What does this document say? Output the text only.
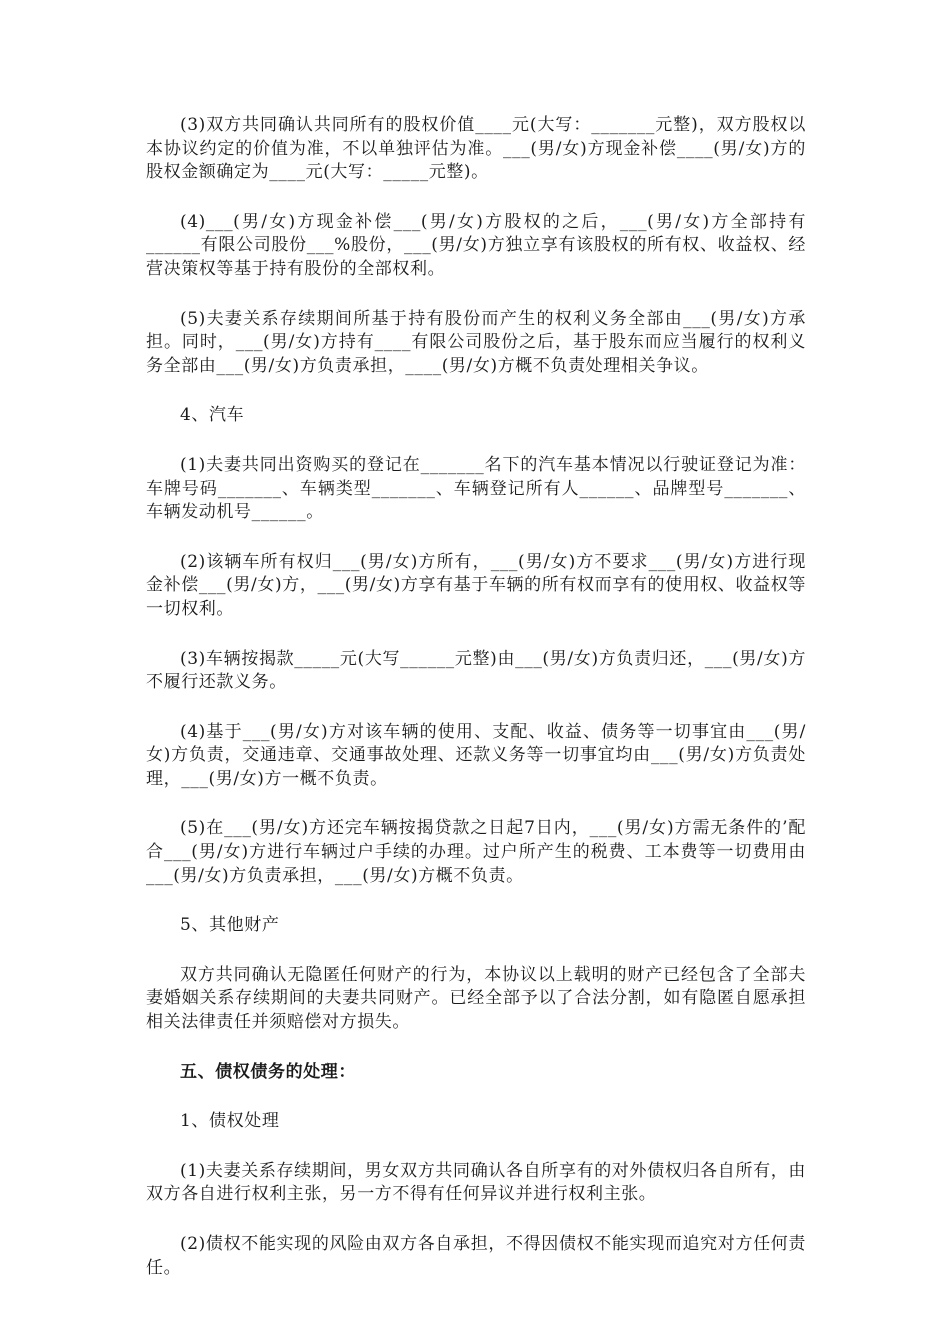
(3)双方共同确认共同所有的股权价值____元(大写：_______元整)，双方股权以本协议约定的价值为准，不以单独评估为准。___(男/女)方现金补偿____(男/女)方的股权金额确定为____元(大写：_____元整)。

(4)___(男/女)方现金补偿___(男/女)方股权的之后，___(男/女)方全部持有______有限公司股份___%股份，___(男/女)方独立享有该股权的所有权、收益权、经营决策权等基于持有股份的全部权利。

(5)夫妻关系存续期间所基于持有股份而产生的权利义务全部由___(男/女)方承担。同时，___(男/女)方持有____有限公司股份之后，基于股东而应当履行的权利义务全部由___(男/女)方负责承担，____(男/女)方概不负责处理相关争议。

4、汽车

(1)夫妻共同出资购买的登记在_______名下的汽车基本情况以行驶证登记为准：车牌号码_______、车辆类型_______、车辆登记所有人______、品牌型号_______、车辆发动机号______。

(2)该辆车所有权归___(男/女)方所有，___(男/女)方不要求___(男/女)方进行现金补偿___(男/女)方，___(男/女)方享有基于车辆的所有权而享有的使用权、收益权等一切权利。

(3)车辆按揭款_____元(大写______元整)由___(男/女)方负责归还，___(男/女)方不履行还款义务。

(4)基于___(男/女)方对该车辆的使用、支配、收益、债务等一切事宜由___(男/女)方负责，交通违章、交通事故处理、还款义务等一切事宜均由___(男/女)方负责处理，___(男/女)方一概不负责。

(5)在___(男/女)方还完车辆按揭贷款之日起7日内，___(男/女)方需无条件的’配合___(男/女)方进行车辆过户手续的办理。过户所产生的税费、工本费等一切费用由___(男/女)方负责承担，___(男/女)方概不负责。

5、其他财产

双方共同确认无隐匿任何财产的行为，本协议以上载明的财产已经包含了全部夫妻婚姻关系存续期间的夫妻共同财产。已经全部予以了合法分割，如有隐匿自愿承担相关法律责任并须赔偿对方损失。

五、债权债务的处理：

1、债权处理

(1)夫妻关系存续期间，男女双方共同确认各自所享有的对外债权归各自所有，由双方各自进行权利主张，另一方不得有任何异议并进行权利主张。

(2)债权不能实现的风险由双方各自承担，不得因债权不能实现而追究对方任何责任。
